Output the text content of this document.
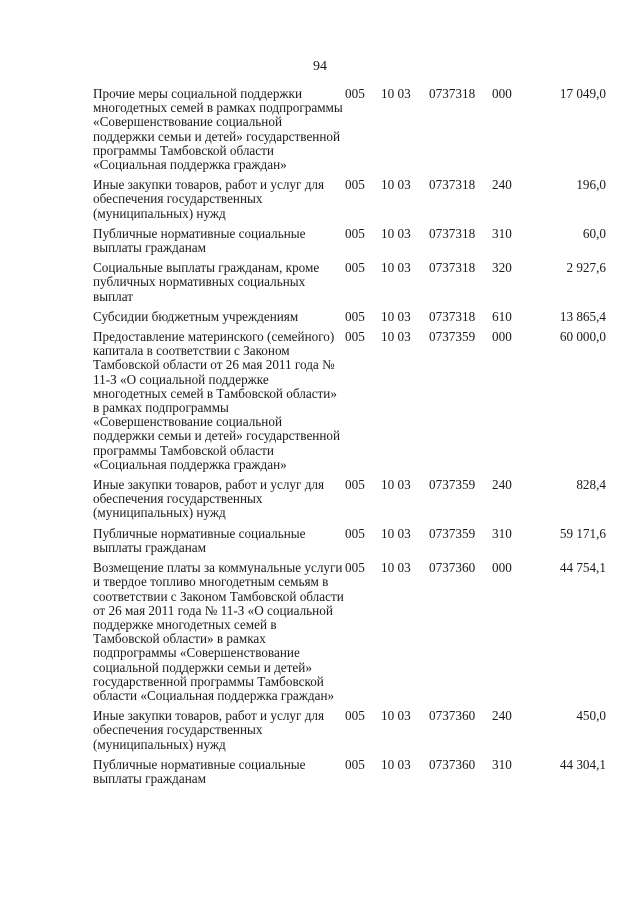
94
Прочие меры социальной поддержки многодетных семей в рамках подпрограммы «Совершенствование социальной поддержки семьи и детей» государственной программы Тамбовской области «Социальная поддержка граждан»	005	10 03	0737318	000	17 049,0
Иные закупки товаров, работ и услуг для обеспечения государственных (муниципальных) нужд	005	10 03	0737318	240	196,0
Публичные нормативные социальные выплаты гражданам	005	10 03	0737318	310	60,0
Социальные выплаты гражданам, кроме публичных нормативных социальных выплат	005	10 03	0737318	320	2 927,6
Субсидии бюджетным учреждениям	005	10 03	0737318	610	13 865,4
Предоставление материнского (семейного) капитала в соответствии с Законом Тамбовской области от 26 мая 2011 года № 11-З «О социальной поддержке многодетных семей в Тамбовской области» в рамках подпрограммы «Совершенствование социальной поддержки семьи и детей» государственной программы Тамбовской области «Социальная поддержка граждан»	005	10 03	0737359	000	60 000,0
Иные закупки товаров, работ и услуг для обеспечения государственных (муниципальных) нужд	005	10 03	0737359	240	828,4
Публичные нормативные социальные выплаты гражданам	005	10 03	0737359	310	59 171,6
Возмещение платы за коммунальные услуги и твердое топливо многодетным семьям в соответствии с Законом Тамбовской области от 26 мая 2011 года № 11-З «О социальной поддержке многодетных семей в Тамбовской области» в рамках подпрограммы «Совершенствование социальной поддержки семьи и детей» государственной программы Тамбовской области «Социальная поддержка граждан»	005	10 03	0737360	000	44 754,1
Иные закупки товаров, работ и услуг для обеспечения государственных (муниципальных) нужд	005	10 03	0737360	240	450,0
Публичные нормативные социальные выплаты гражданам	005	10 03	0737360	310	44 304,1
